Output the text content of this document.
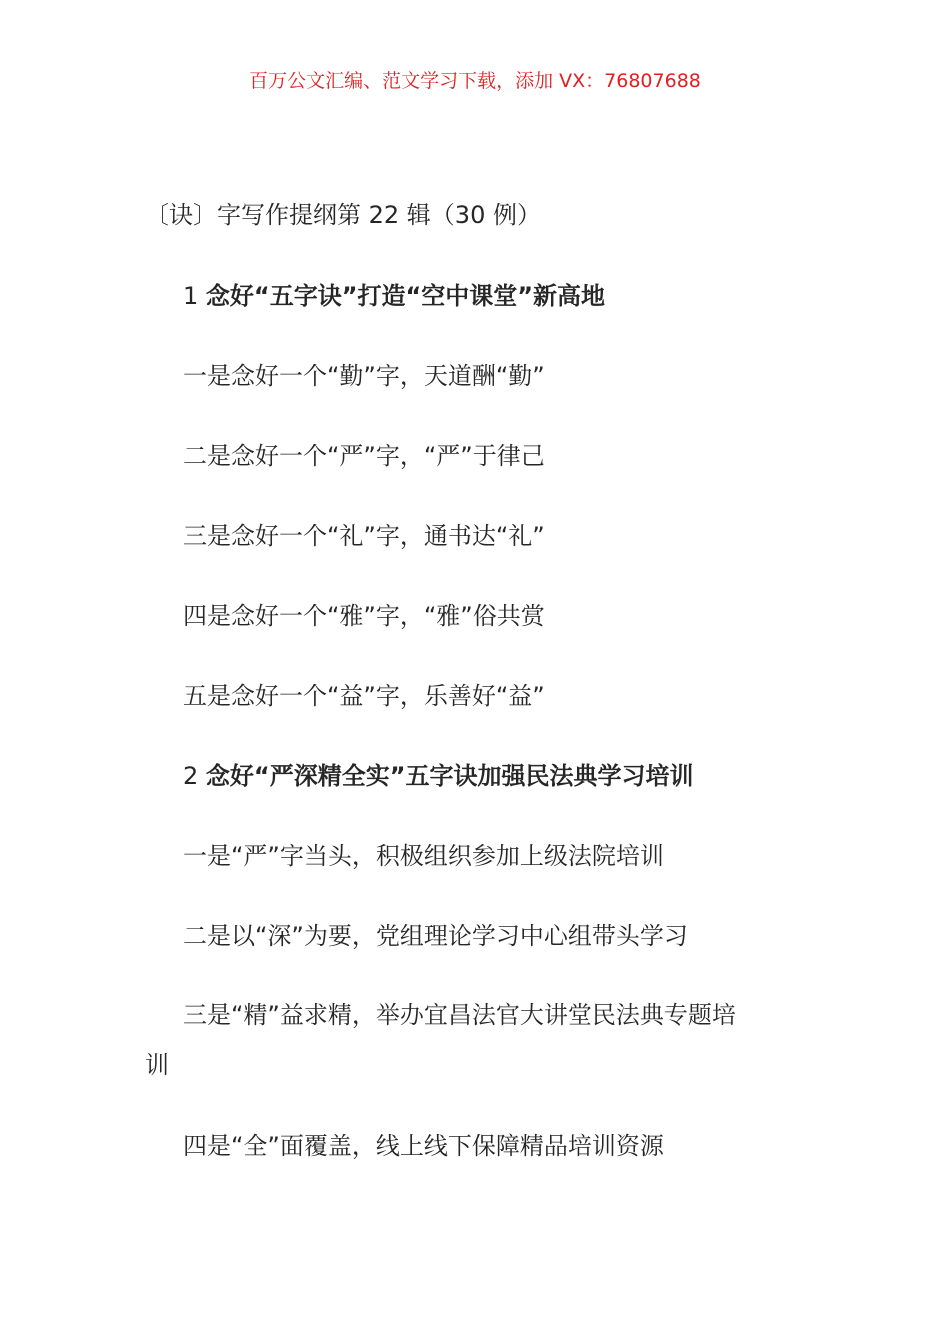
百万公文汇编、范文学习下载，添加 VX：76807688
〔诀〕字写作提纲第 22 辑（30 例）
1 念好“五字诀”打造“空中课堂”新高地
一是念好一个“勤”字，天道酬“勤”
二是念好一个“严”字，“严”于律己
三是念好一个“礼”字，通书达“礼”
四是念好一个“雅”字，“雅”俗共赏
五是念好一个“益”字，乐善好“益”
2 念好“严深精全实”五字诀加强民法典学习培训
一是“严”字当头，积极组织参加上级法院培训
二是以“深”为要，党组理论学习中心组带头学习
三是“精”益求精，举办宜昌法官大讲堂民法典专题培
训
四是“全”面覆盖，线上线下保障精品培训资源
